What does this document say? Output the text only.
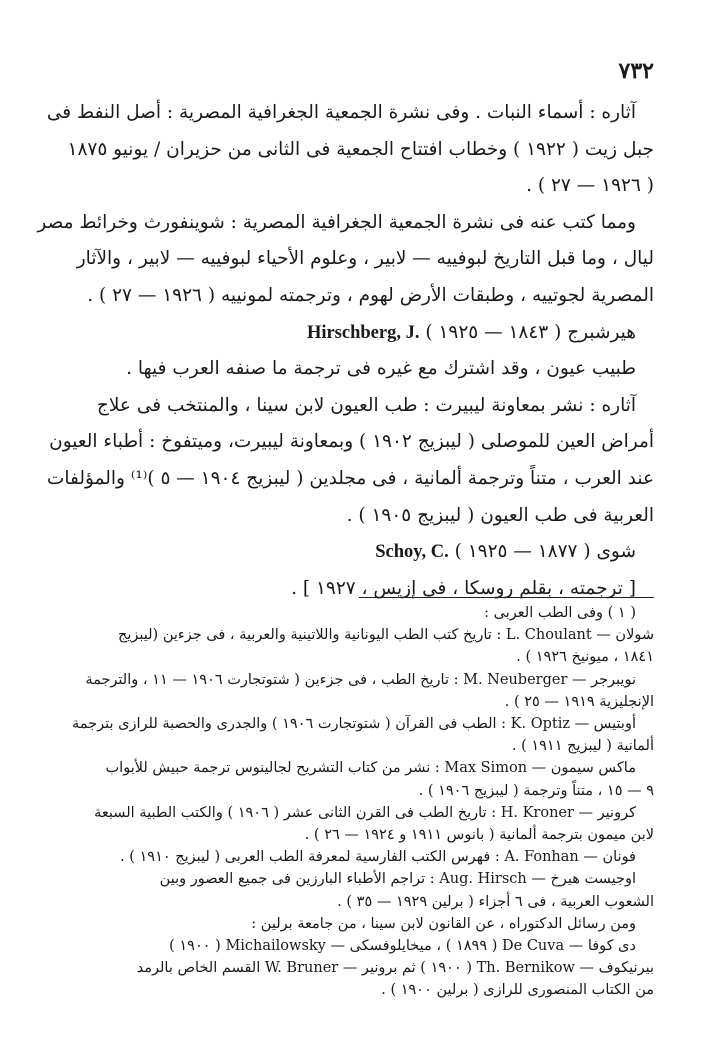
٧٣٢
آثاره : أسماء النبات . وفى نشرة الجمعية الجغرافية المصرية : أصل النفط فى
جبل زيت ( ١٩٢٢ ) وخطاب افتتاح الجمعية فى الثانى من حزيران / يونيو ١٨٧٥
( ١٩٢٦ — ٢٧ ) .
ومما كتب عنه فى نشرة الجمعية الجغرافية المصرية : شوينفورث وخرائط مصر
ليال ، وما قبل التاريخ لبوفييه — لابير ، وعلوم الأحياء لبوفييه — لابير ، والآثار
المصرية لجوتييه ، وطبقات الأرض لهوم ، وترجمته لمونييه ( ١٩٢٦ — ٢٧ ) .
هيرشبرج ( ١٨٤٣ — ١٩٢٥ ) Hirschberg, J.
طبيب عيون ، وقد اشترك مع غيره فى ترجمة ما صنفه العرب فيها .
آثاره : نشر بمعاونة ليبيرت : طب العيون لابن سينا ، والمنتخب فى علاج
أمراض العين للموصلى ( ليبزيج ١٩٠٢ ) وبمعاونة ليبيرت، وميتفوخ : أطباء العيون
عند العرب ، متناً وترجمة ألمانية ، فى مجلدين ( ليبزيج ١٩٠٤ — ٥ )⁽¹⁾ والمؤلفات
العربية فى طب العيون ( ليبزيج ١٩٠٥ ) .
شوى ( ١٨٧٧ — ١٩٢٥ ) Schoy, C.
[ ترجمته ، بقلم روسكا ، فى إزيس ، ١٩٢٧ ] .
( ١ ) وفى الطب العربى :
شولان — L. Choulant : تاريخ كتب الطب اليونانية واللاتينية والعربية ، فى جزءين (ليبزيج
١٨٤١ ، ميونيخ ١٩٢٦ ) .
نويبرجر — M. Neuberger : تاريخ الطب ، فى جزءين ( شتوتجارت ١٩٠٦ — ١١ ، والترجمة
الإنجليزية ١٩١٩ — ٢٥ ) .
أوبتيس — K. Optiz : الطب فى القرآن ( شتوتجارت ١٩٠٦ ) والجدرى والحصبة للرازى بترجمة
ألمانية ( ليبزيج ١٩١١ ) .
ماكس سيمون — Max Simon : نشر من كتاب التشريح لجالينوس ترجمة حبيش للأبواب
٩ — ١٥ ، متناً وترجمة ( ليبزيج ١٩٠٦ ) .
كرونير — H. Kroner : تاريخ الطب فى القرن الثانى عشر ( ١٩٠٦ ) والكتب الطبية السبعة
لابن ميمون بترجمة ألمانية ( بانوس ١٩١١ و ١٩٢٤ — ٢٦ ) .
فونان — A. Fonhan : فهرس الكتب الفارسية لمعرفة الطب العربى ( ليبزيج ١٩١٠ ) .
اوجيست هيرخ — Aug. Hirsch : تراجم الأطباء البارزين فى جميع العصور وبين
الشعوب العربية ، فى ٦ أجزاء ( برلين ١٩٢٩ — ٣٥ ) .
ومن رسائل الدكتوراه ، عن القانون لابن سينا ، من جامعة برلين :
دى كوفا — De Cuva ( ١٨٩٩ ) ، ميخايلوفسكى — Michailowsky ( ١٩٠٠ )
بيرنيكوف — Th. Bernikow ( ١٩٠٠ ) ثم برونير — W. Bruner القسم الخاص بالرمد
من الكتاب المنصورى للرازى ( برلين ١٩٠٠ ) .
